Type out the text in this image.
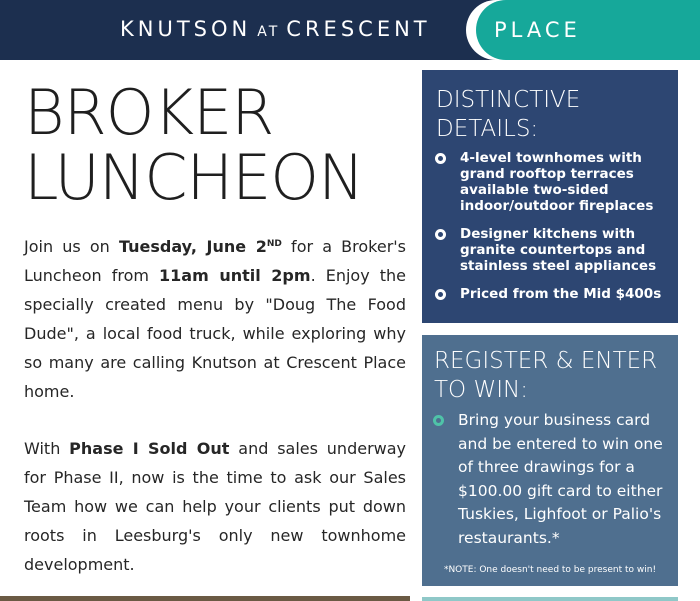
KNUTSON AT CRESCENT	PLACE
BROKER
LUNCHEON

Join us on Tuesday, June 2ND for a Broker's Luncheon from 11am until 2pm. Enjoy the specially created menu by "Doug The Food Dude", a local food truck, while exploring why so many are calling Knutson at Crescent Place home.

With Phase I Sold Out and sales underway for Phase II, now is the time to ask our Sales Team how we can help your clients put down roots in Leesburg's only new townhome development.

DISTINCTIVE
DETAILS:
4-level townhomes with grand rooftop terraces available two-sided indoor/outdoor fireplaces
Designer kitchens with granite countertops and stainless steel appliances
Priced from the Mid $400s
REGISTER & ENTER
TO WIN:
Bring your business card and be entered to win one of three drawings for a $100.00 gift card to either Tuskies, Lighfoot or Palio's restaurants.*
*NOTE: One doesn't need to be present to win!
